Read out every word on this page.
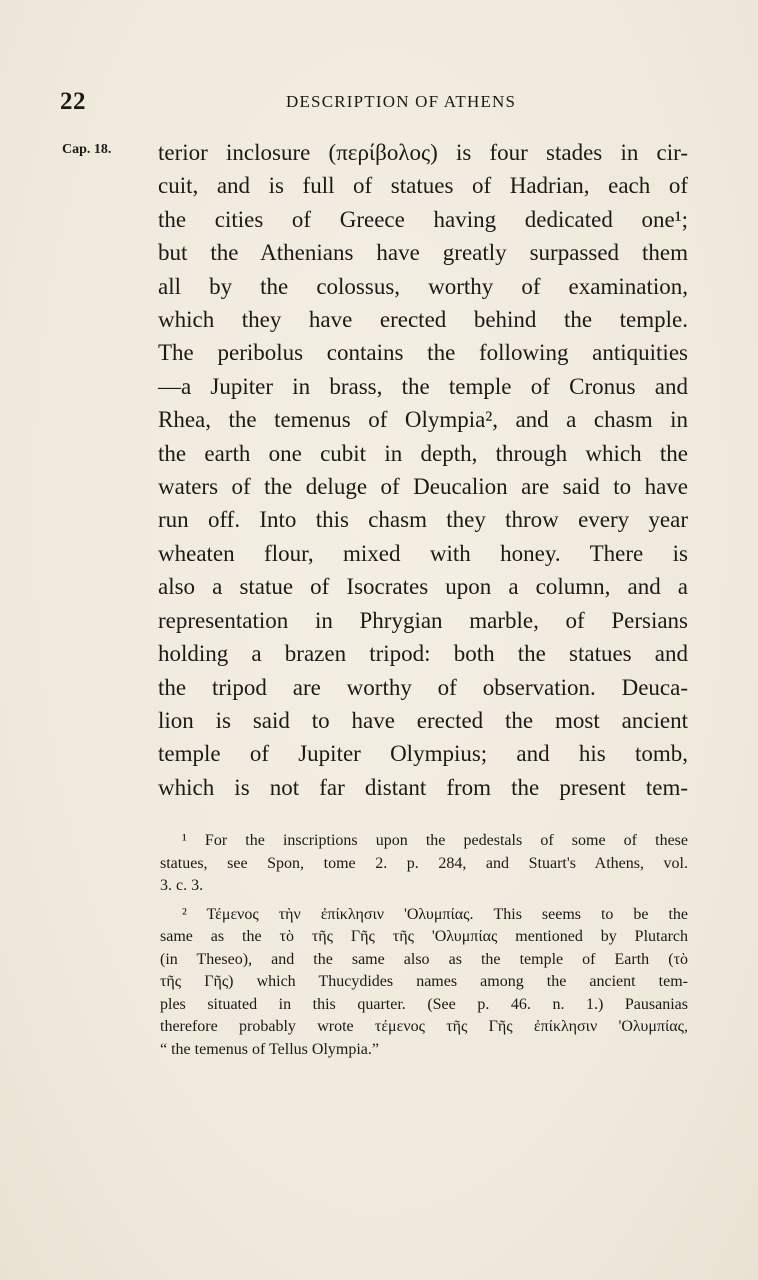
22	DESCRIPTION OF ATHENS
Cap. 18. terior inclosure (περίβολος) is four stades in cir-
cuit, and is full of statues of Hadrian, each of
the cities of Greece having dedicated one¹;
but the Athenians have greatly surpassed them
all by the colossus, worthy of examination,
which they have erected behind the temple.
The peribolus contains the following antiquities
—a Jupiter in brass, the temple of Cronus and
Rhea, the temenus of Olympia², and a chasm in
the earth one cubit in depth, through which the
waters of the deluge of Deucalion are said to have
run off. Into this chasm they throw every year
wheaten flour, mixed with honey. There is
also a statue of Isocrates upon a column, and a
representation in Phrygian marble, of Persians
holding a brazen tripod: both the statues and
the tripod are worthy of observation. Deuca-
lion is said to have erected the most ancient
temple of Jupiter Olympius; and his tomb,
which is not far distant from the present tem-
¹ For the inscriptions upon the pedestals of some of these
statues, see Spon, tome 2. p. 284, and Stuart's Athens, vol.
3. c. 3.
² Τέμενος τὴν ἐπίκλησιν 'Ολυμπίας. This seems to be the
same as the τὸ τῆς Γῆς τῆς 'Ολυμπίας mentioned by Plutarch
(in Theseo), and the same also as the temple of Earth (τὸ
τῆς Γῆς) which Thucydides names among the ancient tem-
ples situated in this quarter. (See p. 46. n. 1.) Pausanias
therefore probably wrote τέμενος τῆς Γῆς ἐπίκλησιν 'Ολυμπίας,
“ the temenus of Tellus Olympia.”
